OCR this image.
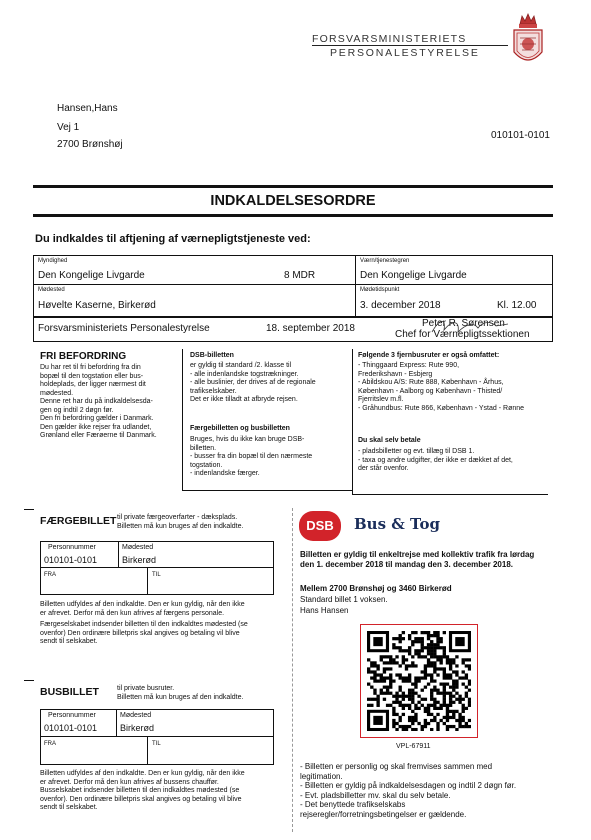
FORSVARSMINISTERIETS
PERSONALESTYRELSE
Hansen,Hans
Vej 1
2700 Brønshøj
010101-0101
INDKALDELSESORDRE
Du indkaldes til aftjening af værnepligtstjeneste ved:
Myndighed
Den Kongelige Livgarde	8 MDR
Værn/tjenestegren
Den Kongelige Livgarde
Mødested
Høvelte Kaserne, Birkerød
Mødetidspunkt
3. december 2018	Kl. 12.00
Forsvarsministeriets Personalestyrelse	18. september 2018	Peter R. Sørensen
Chef for Værnepligtssektionen
FRI BEFORDRING
Du har ret til fri befordring fra din
bopæl til den togstation eller bus-
holdeplads, der ligger nærmest dit
mødested.
Denne ret har du på indkaldelsesda-
gen og indtil 2 døgn før.
Den fri befordring gælder i Danmark.
Den gælder ikke rejser fra udlandet,
Grønland eller Færøerne til Danmark.
DSB-billetten
er gyldig til standard /2. klasse til
- alle indenlandske togstrækninger.
- alle buslinier, der drives af de regionale
trafikselskaber.
Det er ikke tilladt at afbryde rejsen.
Færgebilletten og busbilletten
Bruges, hvis du ikke kan bruge DSB-
billetten.
- busser fra din bopæl til den nærmeste
togstation.
- indenlandske færger.
Følgende 3 fjernbusruter er også omfattet:
- Thinggaard Express: Rute 990,
Frederikshavn - Esbjerg
- Abildskou A/S: Rute 888, København - Århus,
København - Aalborg og København - Thisted/
Fjerritslev m.fl.
- Gråhundbus: Rute 866, København - Ystad - Rønne
Du skal selv betale
- pladsbilletter og evt. tillæg til DSB 1.
- taxa og andre udgifter, der ikke er dækket af det,
der står ovenfor.
FÆRGEBILLET til private færgeoverfarter - dæksplads.
Billetten må kun bruges af den indkaldte.
Personnummer
010101-0101
Mødested
Birkerød
FRA	TIL
Billetten udfyldes af den indkaldte. Den er kun gyldig, når den ikke
er afrevet. Derfor må den kun afrives af færgens personale.
Færgeselskabet indsender billetten til den indkaldtes mødested (se
ovenfor) Den ordinære billetpris skal angives og betaling vil blive
sendt til selskabet.
BUSBILLET	til private busruter.
Billetten må kun bruges af den indkaldte.
Personnummer
010101-0101
Mødested
Birkerød
FRA	TIL
Billetten udfyldes af den indkaldte. Den er kun gyldig, når den ikke
er afrevet. Derfor må den kun afrives af bussens chauffør.
Busselskabet indsender billetten til den indkaldtes mødested (se
ovenfor). Den ordinære billetpris skal angives og betaling vil blive
sendt til selskabet.
DSB	Bus & Tog
Billetten er gyldig til enkeltrejse med kollektiv trafik fra lørdag
den 1. december 2018 til mandag den 3. december 2018.
Mellem 2700 Brønshøj og 3460 Birkerød
Standard billet 1 voksen.
Hans Hansen
VPL-67911
- Billetten er personlig og skal fremvises sammen med
legitimation.
- Billetten er gyldig på indkaldelsesdagen og indtil 2 døgn før.
- Evt. pladsbilletter mv. skal du selv betale.
- Det benyttede trafikselskabs
rejseregler/forretningsbetingelser er gældende.
